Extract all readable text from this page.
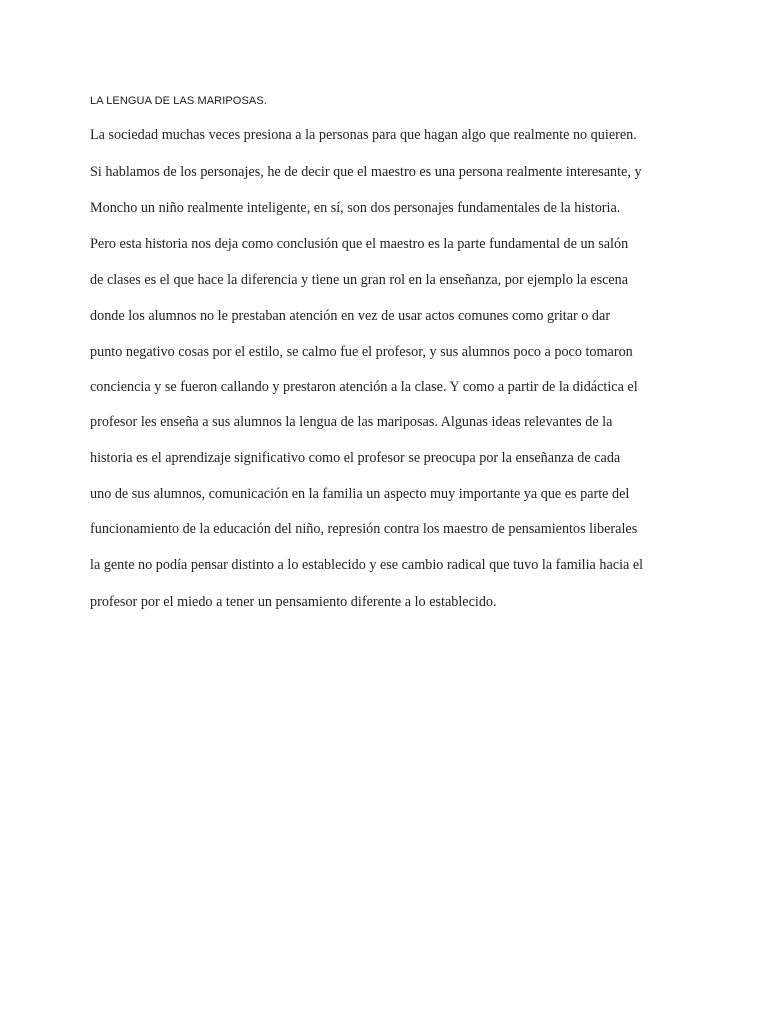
LA LENGUA DE LAS MARIPOSAS.
La sociedad muchas veces presiona a la personas para que hagan algo que realmente no quieren.
Si hablamos de los personajes, he de decir que el maestro es una persona realmente interesante, y
Moncho un niño realmente inteligente, en sí, son dos personajes fundamentales de la historia.
Pero esta historia nos deja como conclusión que el maestro es la parte fundamental de un salón
de clases es el que hace la diferencia y tiene un gran rol en la enseñanza, por ejemplo la escena
donde los alumnos no le prestaban atención en vez de usar actos comunes como gritar o dar
punto negativo cosas por el estilo, se calmo fue el profesor, y sus alumnos poco a poco tomaron
conciencia y se fueron callando y prestaron atención a la clase. Y como a partir de la didáctica el
profesor les enseña a sus alumnos la lengua de las mariposas. Algunas ideas relevantes de la
historia es el aprendizaje significativo como el profesor se preocupa por la enseñanza de cada
uno de sus alumnos, comunicación en la familia un aspecto muy importante ya que es parte del
funcionamiento de la educación del niño, represión contra los maestro de pensamientos liberales
la gente no podía pensar distinto a lo establecido y ese cambio radical que tuvo la familia hacia el
profesor por el miedo a tener un pensamiento diferente a lo establecido.
